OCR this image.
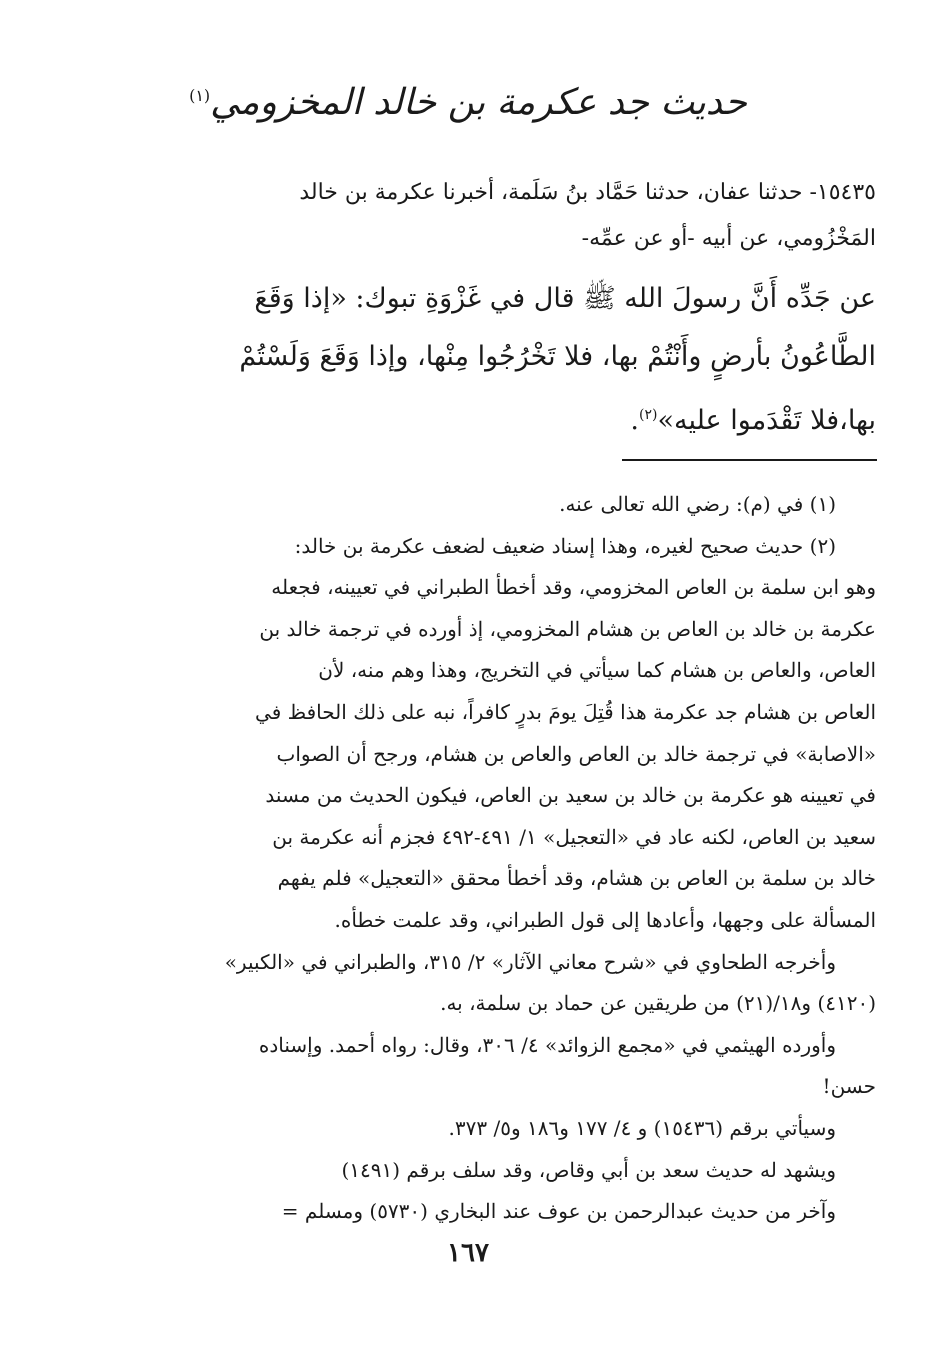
حديث جد عكرمة بن خالد المخزومي$^{(١)}$
١٥٤٣٥- حدثنا عفان، حدثنا حَمَّاد بنُ سَلَمة، أخبرنا عكرمة بن خالد
المَخْزُومي، عن أبيه -أو عن عمِّه-
عن جَدِّه أَنَّ رسولَ الله ﷺ قال في غَزْوَةِ تبوك: «إذا وَقَعَ
الطَّاعُونُ بأرضٍ وأَنْتُمْ بها، فلا تَخْرُجُوا مِنْها، وإذا وَقَعَ وَلَسْتُمْ
بها،فلا تَقْدَموا عليه»$^{(٢)}$.
(١) في (م): رضي الله تعالى عنه.
(٢) حديث صحيح لغيره، وهذا إسناد ضعيف لضعف عكرمة بن خالد:
وهو ابن سلمة بن العاص المخزومي، وقد أخطأ الطبراني في تعيينه، فجعله
عكرمة بن خالد بن العاص بن هشام المخزومي، إذ أورده في ترجمة خالد بن
العاص، والعاص بن هشام كما سيأتي في التخريج، وهذا وهم منه، لأن
العاص بن هشام جد عكرمة هذا قُتِلَ يومَ بدرٍ كافراً، نبه على ذلك الحافظ في
«الاصابة» في ترجمة خالد بن العاص والعاص بن هشام، ورجح أن الصواب
في تعيينه هو عكرمة بن خالد بن سعيد بن العاص، فيكون الحديث من مسند
سعيد بن العاص، لكنه عاد في «التعجيل» ١/ ٤٩١-٤٩٢ فجزم أنه عكرمة بن
خالد بن سلمة بن العاص بن هشام، وقد أخطأ محقق «التعجيل» فلم يفهم
المسألة على وجهها، وأعادها إلى قول الطبراني، وقد علمت خطأه.
وأخرجه الطحاوي في «شرح معاني الآثار» ٢/ ٣١٥، والطبراني في «الكبير»
(٤١٢٠) و١٨/(٢١) من طريقين عن حماد بن سلمة، به.
وأورده الهيثمي في «مجمع الزوائد» ٤/ ٣٠٦، وقال: رواه أحمد. وإسناده
حسن!
وسيأتي برقم (١٥٤٣٦) و ٤/ ١٧٧ و١٨٦ و٥/ ٣٧٣.
ويشهد له حديث سعد بن أبي وقاص، وقد سلف برقم (١٤٩١)
وآخر من حديث عبدالرحمن بن عوف عند البخاري (٥٧٣٠) ومسلم =
١٦٧
